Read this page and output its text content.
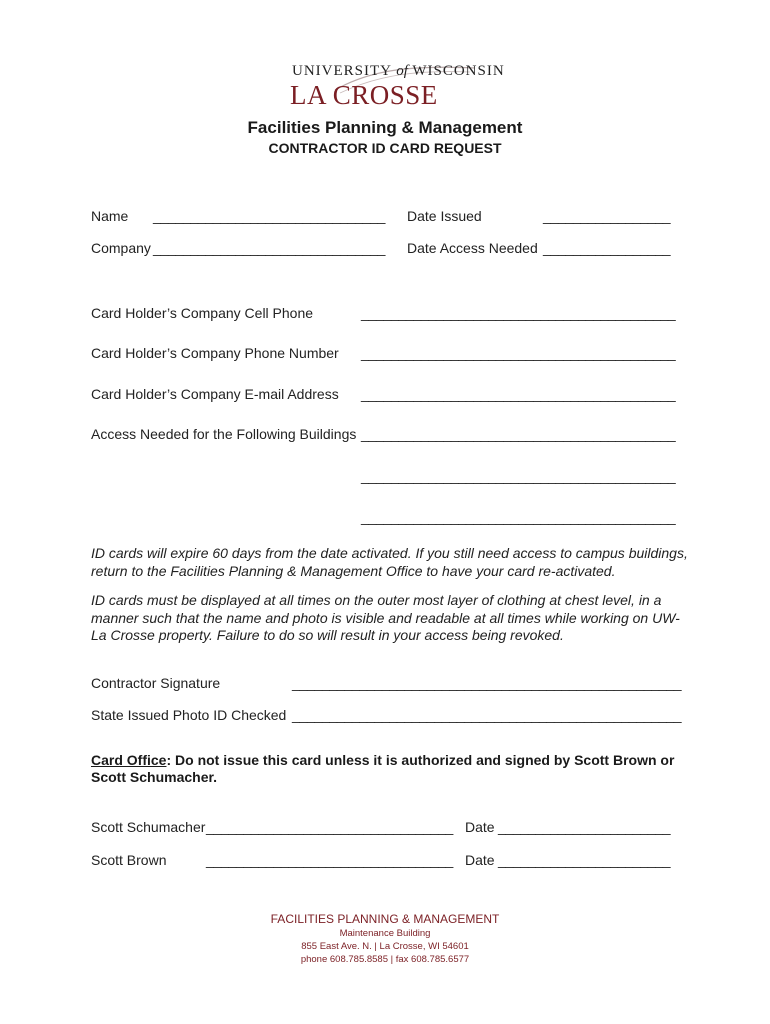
UNIVERSITY of WISCONSIN
LA CROSSE
Facilities Planning & Management
CONTRACTOR ID CARD REQUEST
Name _______________________________ Date Issued	_________________
Company _______________________________ Date Access Needed _________________
Card Holder’s Company Cell Phone	__________________________________________
Card Holder’s Company Phone Number __________________________________________
Card Holder’s Company E-mail Address __________________________________________
Access Needed for the Following Buildings __________________________________________
__________________________________________
__________________________________________
ID cards will expire 60 days from the date activated. If you still need access to campus buildings, return to the Facilities Planning & Management Office to have your card re-activated.
ID cards must be displayed at all times on the outer most layer of clothing at chest level, in a manner such that the name and photo is visible and readable at all times while working on UW- La Crosse property. Failure to do so will result in your access being revoked.
Contractor Signature	____________________________________________________
State Issued Photo ID Checked ____________________________________________________
Card Office: Do not issue this card unless it is authorized and signed by Scott Brown or Scott Schumacher.
Scott Schumacher _________________________________ Date _______________________
Scott Brown	_________________________________ Date _______________________
FACILITIES PLANNING & MANAGEMENT
Maintenance Building
855 East Ave. N. | La Crosse, WI 54601
phone 608.785.8585 | fax 608.785.6577
